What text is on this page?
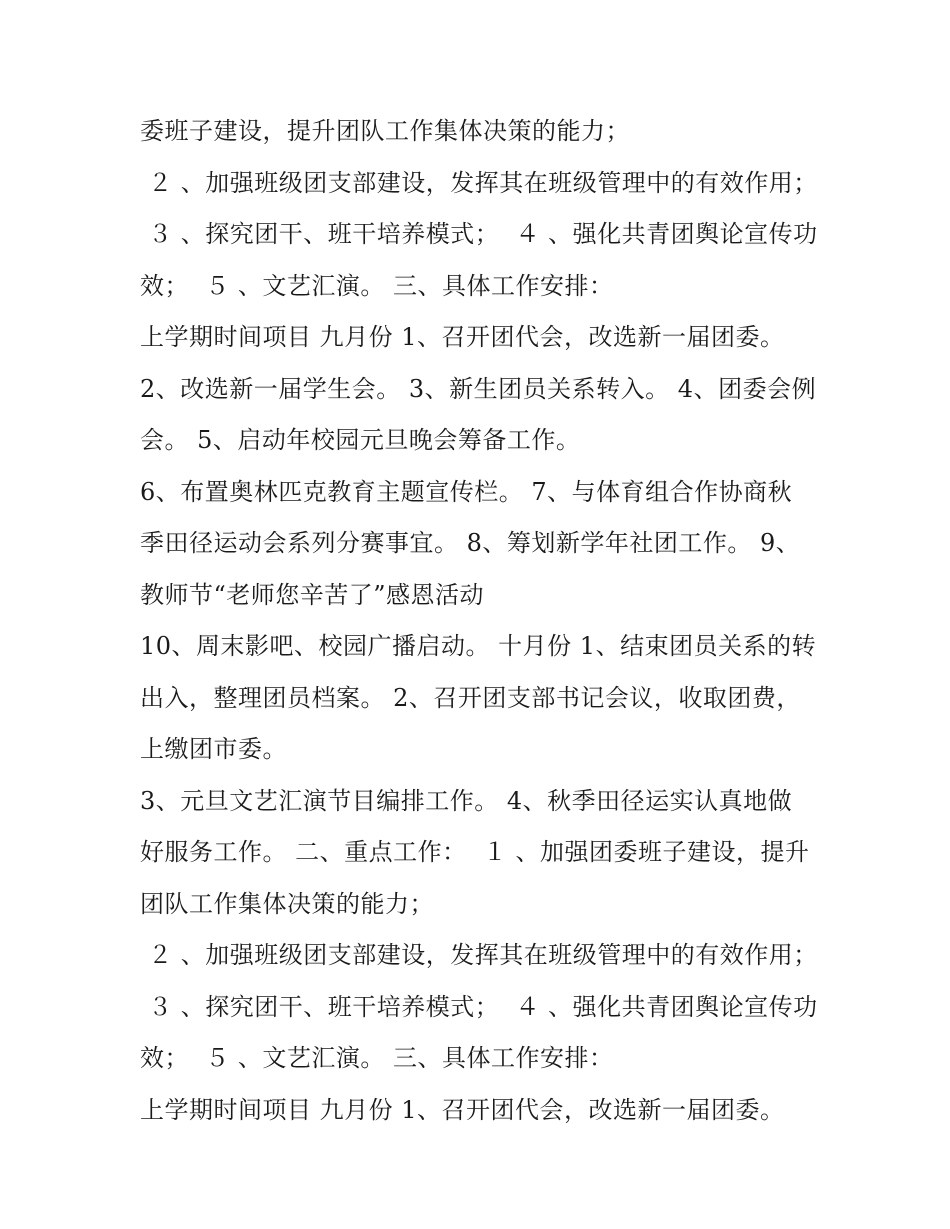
委班子建设，提升团队工作集体决策的能力；
２ 、加强班级团支部建设，发挥其在班级管理中的有效作用；
３ 、探究团干、班干培养模式；  ４ 、强化共青团舆论宣传功
效；  ５ 、文艺汇演。 三、具体工作安排：
上学期时间项目 九月份 1、召开团代会，改选新一届团委。
2、改选新一届学生会。 3、新生团员关系转入。 4、团委会例
会。 5、启动年校园元旦晚会筹备工作。
6、布置奥林匹克教育主题宣传栏。 7、与体育组合作协商秋
季田径运动会系列分赛事宜。 8、筹划新学年社团工作。 9、
教师节“老师您辛苦了”感恩活动
10、周末影吧、校园广播启动。 十月份 1、结束团员关系的转
出入，整理团员档案。 2、召开团支部书记会议，收取团费，
上缴团市委。
3、元旦文艺汇演节目编排工作。 4、秋季田径运实认真地做
好服务工作。 二、重点工作：  １ 、加强团委班子建设，提升
团队工作集体决策的能力；
２ 、加强班级团支部建设，发挥其在班级管理中的有效作用；
３ 、探究团干、班干培养模式；  ４ 、强化共青团舆论宣传功
效；  ５ 、文艺汇演。 三、具体工作安排：
上学期时间项目 九月份 1、召开团代会，改选新一届团委。
